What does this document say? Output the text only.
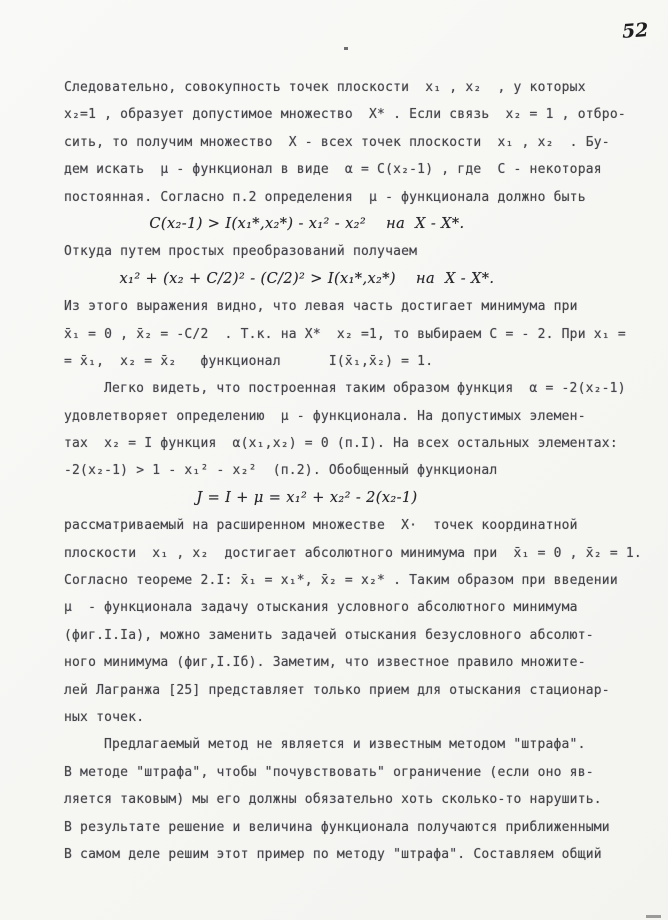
52
Следовательно, совокупность точек плоскости  x₁ , x₂  , у которых
x₂=1 , образует допустимое множество  X* . Если связь  x₂ = 1 , отбро-
сить, то получим множество  X - всех точек плоскости  x₁ , x₂  . Бу-
дем искать  μ - функционал в виде  α = C(x₂-1) , где  C - некоторая
постоянная. Согласно п.2 определения  μ - функционала должно быть
C(x₂-1) > I(x₁*,x₂*) - x₁² - x₂²    на  X - X*.
Откуда путем простых преобразований получаем
x₁² + (x₂ + C/2)² - (C/2)² > I(x₁*,x₂*)    на  X - X*.
Из этого выражения видно, что левая часть достигает минимума при
x̄₁ = 0 , x̄₂ = -C/2  . Т.к. на X*  x₂ =1, то выбираем C = - 2. При x₁ =
= x̄₁,  x₂ = x̄₂   функционал      I(x̄₁,x̄₂) = 1.
Легко видеть, что построенная таким образом функция  α = -2(x₂-1)
удовлетворяет определению  μ - функционала. На допустимых элемен-
тах  x₂ = I функция  α(x₁,x₂) = 0 (п.I). На всех остальных элементах:
-2(x₂-1) > 1 - x₁² - x₂²  (п.2). Обобщенный функционал
J = I + μ = x₁² + x₂² - 2(x₂-1)
рассматриваемый на расширенном множестве  X·  точек координатной
плоскости  x₁ , x₂  достигает абсолютного минимума при  x̄₁ = 0 , x̄₂ = 1.
Согласно теореме 2.I: x̄₁ = x₁*, x̄₂ = x₂* . Таким образом при введении
μ  - функционала задачу отыскания условного абсолютного минимума
(фиг.I.Iа), можно заменить задачей отыскания безусловного абсолют-
ного минимума (фиг,I.Iб). Заметим, что известное правило множите-
лей Лагранжа [25] представляет только прием для отыскания стационар-
ных точек.
Предлагаемый метод не является и известным методом "штрафа".
В методе "штрафа", чтобы "почувствовать" ограничение (если оно яв-
ляется таковым) мы его должны обязательно хоть сколько-то нарушить.
В результате решение и величина функционала получаются приближенными
В самом деле решим этот пример по методу "штрафа". Составляем общий
